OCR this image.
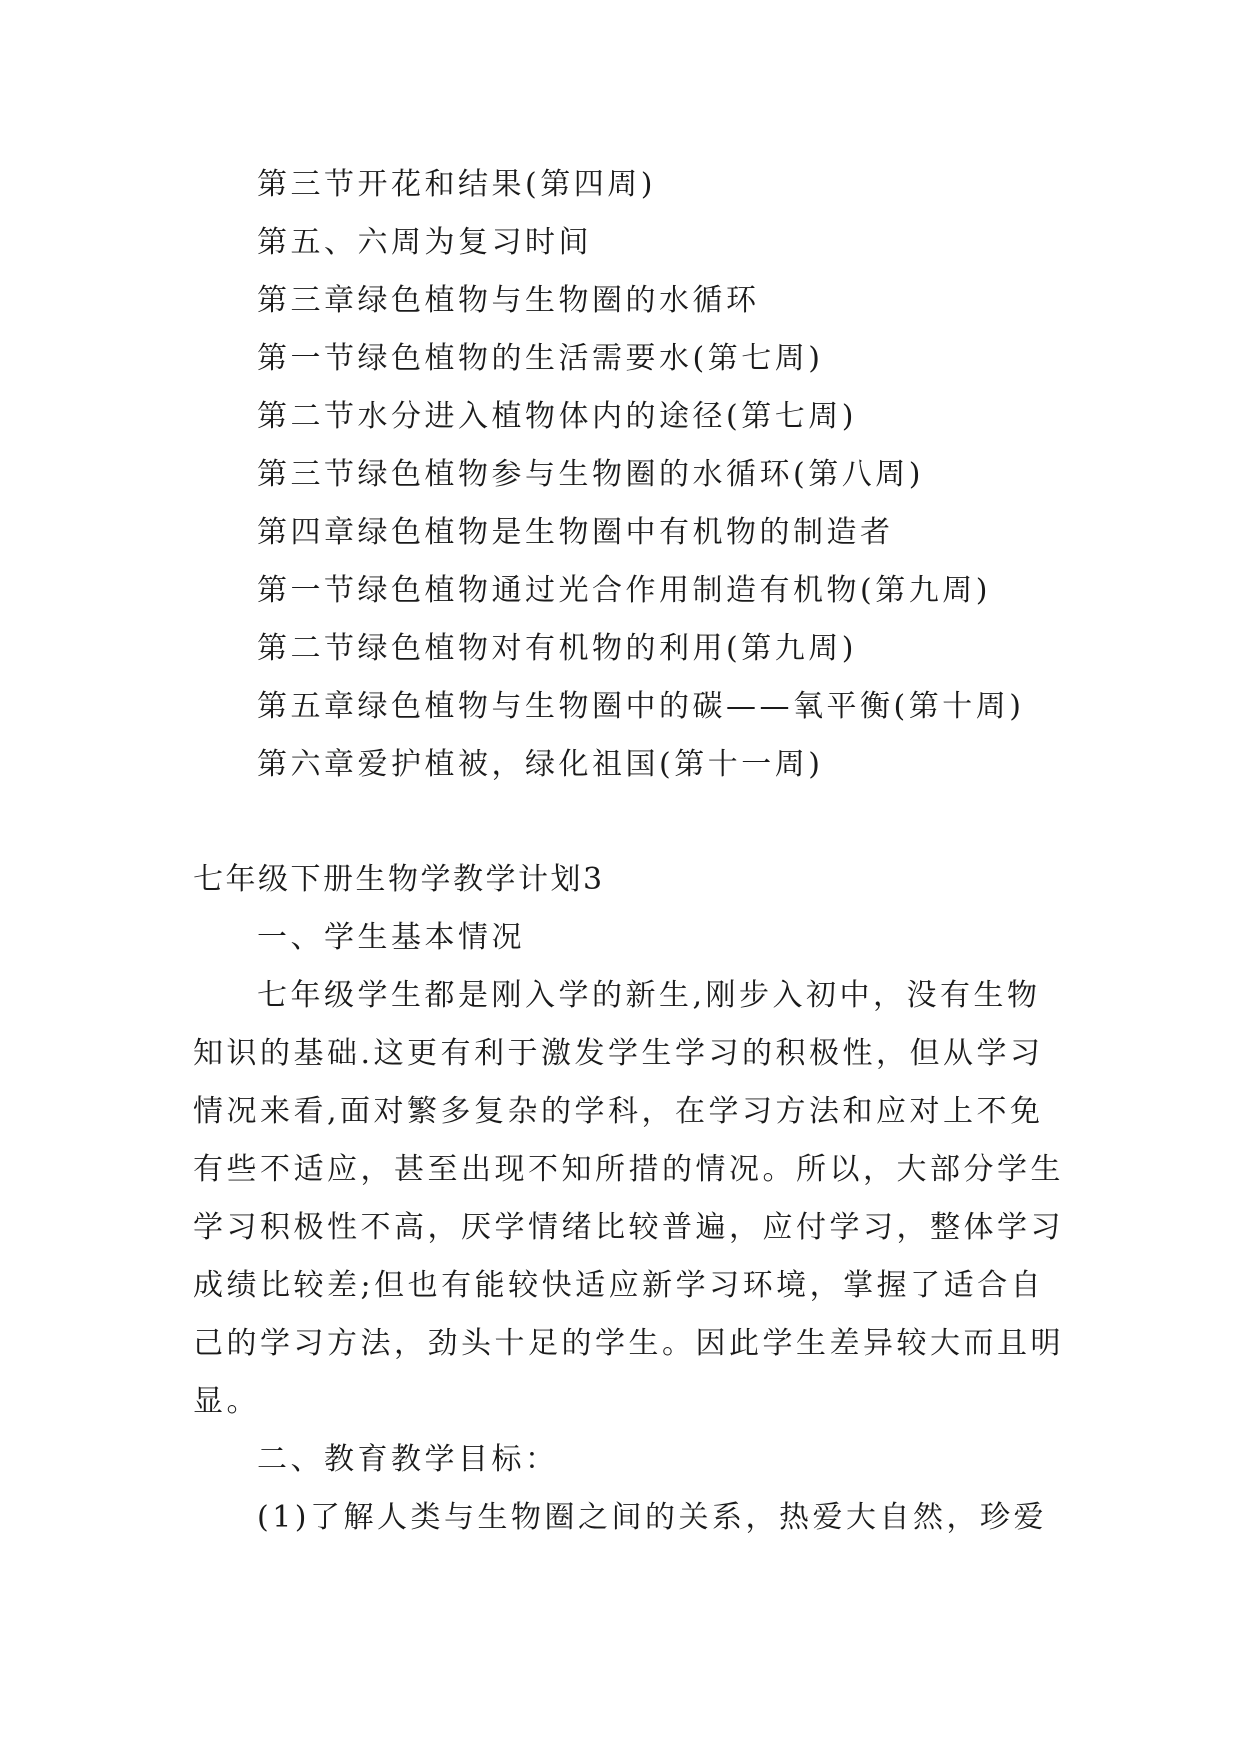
第三节开花和结果(第四周)

第五、六周为复习时间

第三章绿色植物与生物圈的水循环

第一节绿色植物的生活需要水(第七周)

第二节水分进入植物体内的途径(第七周)

第三节绿色植物参与生物圈的水循环(第八周)

第四章绿色植物是生物圈中有机物的制造者

第一节绿色植物通过光合作用制造有机物(第九周)

第二节绿色植物对有机物的利用(第九周)

第五章绿色植物与生物圈中的碳——氧平衡(第十周)

第六章爱护植被，绿化祖国(第十一周)

七年级下册生物学教学计划3

一、学生基本情况

七年级学生都是刚入学的新生,刚步入初中，没有生物

知识的基础.这更有利于激发学生学习的积极性，但从学习

情况来看,面对繁多复杂的学科，在学习方法和应对上不免

有些不适应，甚至出现不知所措的情况。所以，大部分学生

学习积极性不高，厌学情绪比较普遍，应付学习，整体学习

成绩比较差;但也有能较快适应新学习环境，掌握了适合自

己的学习方法，劲头十足的学生。因此学生差异较大而且明

显。

二、教育教学目标：

(1)了解人类与生物圈之间的关系，热爱大自然，珍爱
